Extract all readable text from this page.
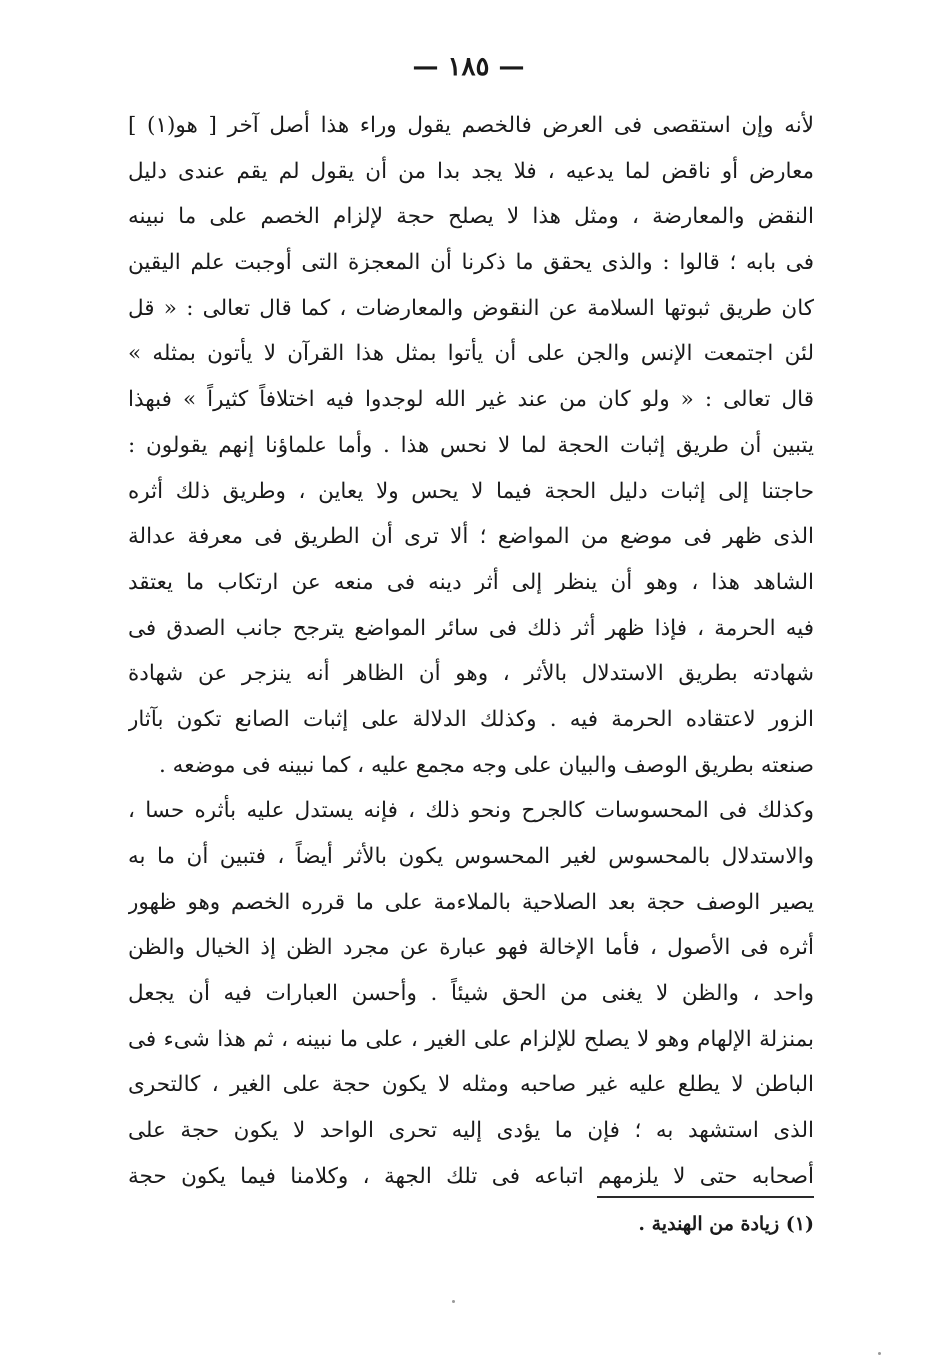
— ١٨٥ —
لأنه وإن استقصى فى العرض فالخصم يقول وراء هذا أصل آخر [ هو(١) ]
معارض أو ناقض لما يدعيه ، فلا يجد بدا من أن يقول لم يقم عندى دليل
النقض والمعارضة ، ومثل هذا لا يصلح حجة لإلزام الخصم على ما نبينه
فى بابه ؛ قالوا : والذى يحقق ما ذكرنا أن المعجزة التى أوجبت علم اليقين
كان طريق ثبوتها السلامة عن النقوض والمعارضات ، كما قال تعالى : « قل
لئن اجتمعت الإنس والجن على أن يأتوا بمثل هذا القرآن لا يأتون بمثله »
قال تعالى : « ولو كان من عند غير الله لوجدوا فيه اختلافاً كثيراً » فبهذا
يتبين أن طريق إثبات الحجة لما لا نحس هذا . وأما علماؤنا إنهم يقولون :
حاجتنا إلى إثبات دليل الحجة فيما لا يحس ولا يعاين ، وطريق ذلك أثره
الذى ظهر فى موضع من المواضع ؛ ألا ترى أن الطريق فى معرفة عدالة
الشاهد هذا ، وهو أن ينظر إلى أثر دينه فى منعه عن ارتكاب ما يعتقد
فيه الحرمة ، فإذا ظهر أثر ذلك فى سائر المواضع يترجح جانب الصدق فى
شهادته بطريق الاستدلال بالأثر ، وهو أن الظاهر أنه ينزجر عن شهادة
الزور لاعتقاده الحرمة فيه . وكذلك الدلالة على إثبات الصانع تكون بآثار
صنعته بطريق الوصف والبيان على وجه مجمع عليه ، كما نبينه فى موضعه .
وكذلك فى المحسوسات كالجرح ونحو ذلك ، فإنه يستدل عليه بأثره حسا ،
والاستدلال بالمحسوس لغير المحسوس يكون بالأثر أيضاً ، فتبين أن ما به
يصير الوصف حجة بعد الصلاحية بالملاءمة على ما قرره الخصم وهو ظهور
أثره فى الأصول ، فأما الإخالة فهو عبارة عن مجرد الظن إذ الخيال والظن
واحد ، والظن لا يغنى من الحق شيئاً . وأحسن العبارات فيه أن يجعل
بمنزلة الإلهام وهو لا يصلح للإلزام على الغير ، على ما نبينه ، ثم هذا شىء فى
الباطن لا يطلع عليه غير صاحبه ومثله لا يكون حجة على الغير ، كالتحرى
الذى استشهد به ؛ فإن ما يؤدى إليه تحرى الواحد لا يكون حجة على
أصحابه حتى لا يلزمهم اتباعه فى تلك الجهة ، وكلامنا فيما يكون حجة
(١) زيادة من الهندية .
